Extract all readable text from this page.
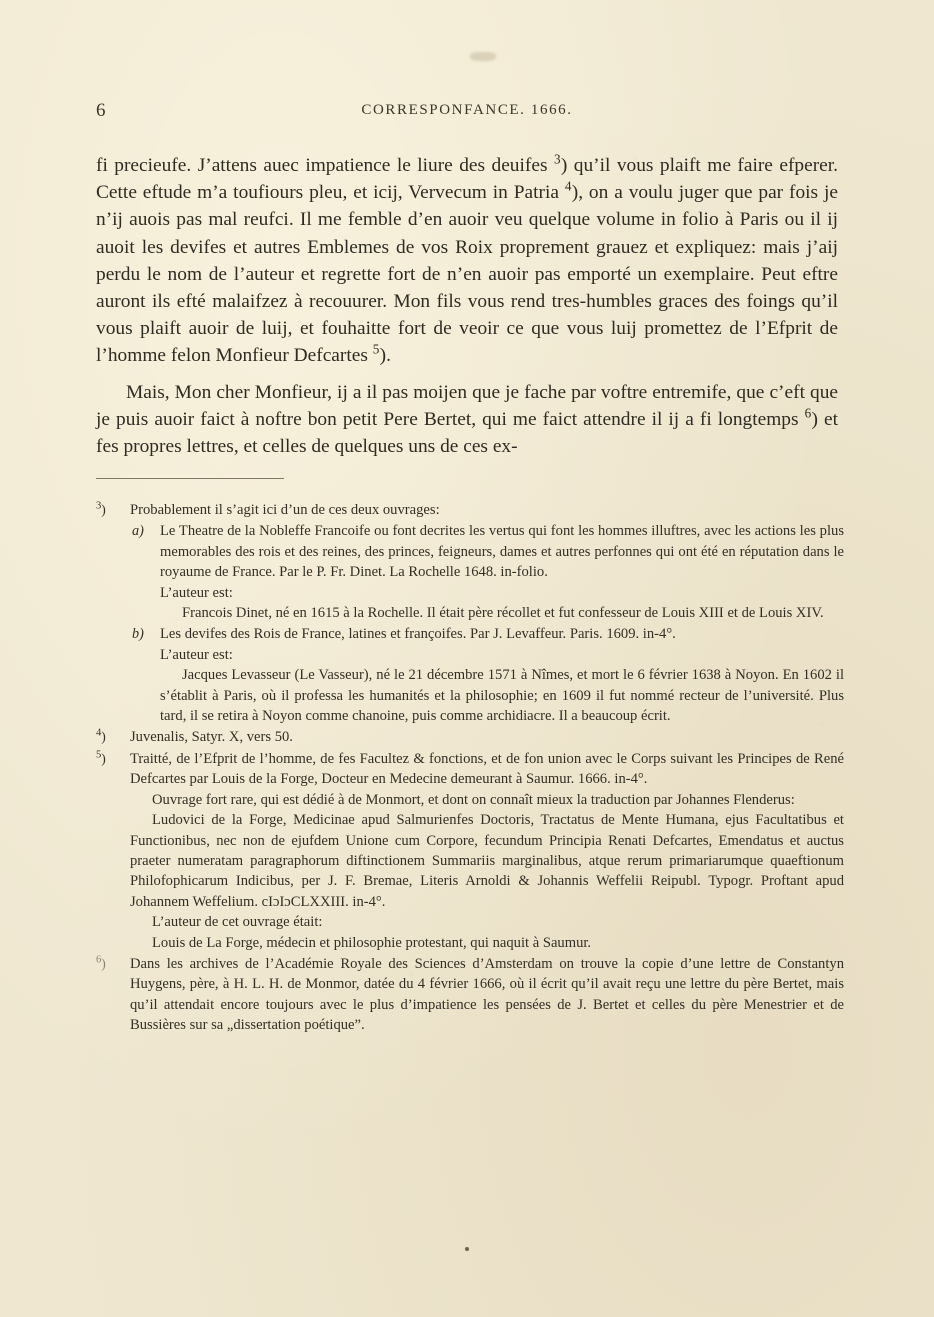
6	CORRESPONFANCE. 1666.

fi precieufe. J’attens auec impatience le liure des deuifes $^3$) qu’il vous plaift me faire efperer. Cette eftude m’a toufiours pleu, et icij, Vervecum in Patria $^4$), on a voulu juger que par fois je n’ij auois pas mal reufci. Il me femble d’en auoir veu quelque volume in folio à Paris ou il ij auoit les devifes et autres Emblemes de vos Roix proprement grauez et expliquez: mais j’aij perdu le nom de l’auteur et regrette fort de n’en auoir pas emporté un exemplaire. Peut eftre auront ils efté malaifzez à recouurer. Mon fils vous rend tres-humbles graces des foings qu’il vous plaift auoir de luij, et fouhaitte fort de veoir ce que vous luij promettez de l’Efprit de l’homme felon Monfieur Defcartes $^5$).

Mais, Mon cher Monfieur, ij a il pas moijen que je fache par voftre entremife, que c’eft que je puis auoir faict à noftre bon petit Pere Bertet, qui me faict attendre il ij a fi longtemps $^6$) et fes propres lettres, et celles de quelques uns de ces ex-

$^3$)	Probablement il s’agit ici d’un de ces deux ouvrages:

a) Le Theatre de la Nobleffe Francoife ou font decrites les vertus qui font les hommes illuftres, avec les actions les plus memorables des rois et des reines, des princes, feigneurs, dames et autres perfonnes qui ont été en réputation dans le royaume de France. Par le P. Fr. Dinet. La Rochelle 1648. in-folio.

L’auteur est:

Francois Dinet, né en 1615 à la Rochelle. Il était père récollet et fut confesseur de Louis XIII et de Louis XIV.

b) Les devifes des Rois de France, latines et françoifes. Par J. Levaffeur. Paris. 1609. in-4°.

L’auteur est:

Jacques Levasseur (Le Vasseur), né le 21 décembre 1571 à Nîmes, et mort le 6 février 1638 à Noyon. En 1602 il s’établit à Paris, où il professa les humanités et la philosophie; en 1609 il fut nommé recteur de l’université. Plus tard, il se retira à Noyon comme chanoine, puis comme archidiacre. Il a beaucoup écrit.

$^4$)	Juvenalis, Satyr. X, vers 50.

$^5$)	Traitté, de l’Efprit de l’homme, de fes Facultez & fonctions, et de fon union avec le Corps suivant les Principes de René Defcartes par Louis de la Forge, Docteur en Medecine demeurant à Saumur. 1666. in-4°.

Ouvrage fort rare, qui est dédié à de Monmort, et dont on connaît mieux la traduction par Johannes Flenderus:

Ludovici de la Forge, Medicinae apud Salmurienfes Doctoris, Tractatus de Mente Humana, ejus Facultatibus et Functionibus, nec non de ejufdem Unione cum Corpore, fecundum Principia Renati Defcartes, Emendatus et auctus praeter numeratam paragraphorum diftinctionem Summariis marginalibus, atque rerum primariarumque quaeftionum Philofophicarum Indicibus, per J. F. Bremae, Literis Arnoldi & Johannis Weffelii Reipubl. Typogr. Proftant apud Johannem Weffelium. cIɔIɔCLXXIII. in-4°.

L’auteur de cet ouvrage était:

Louis de La Forge, médecin et philosophie protestant, qui naquit à Saumur.

$^6$)	Dans les archives de l’Académie Royale des Sciences d’Amsterdam on trouve la copie d’une lettre de Constantyn Huygens, père, à H. L. H. de Monmor, datée du 4 février 1666, où il écrit qu’il avait reçu une lettre du père Bertet, mais qu’il attendait encore toujours avec le plus d’impatience les pensées de J. Bertet et celles du père Menestrier et de Bussières sur sa „dissertation poétique”.
